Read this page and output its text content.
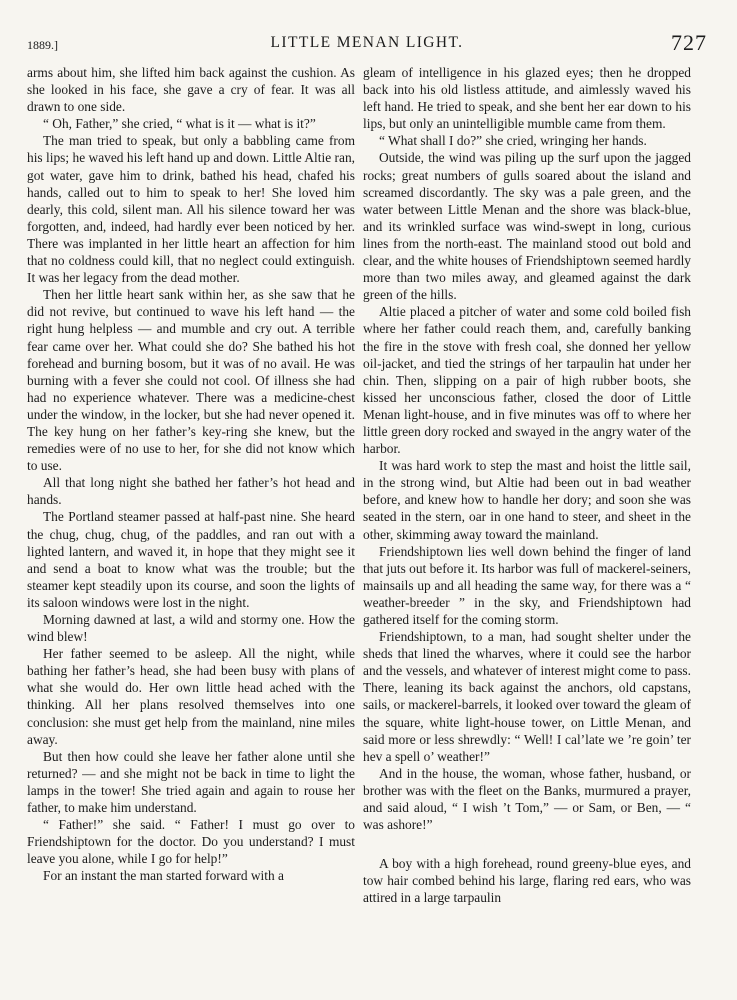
1889.]	LITTLE MENAN LIGHT.	727

arms about him, she lifted him back against the cushion. As she looked in his face, she gave a cry of fear. It was all drawn to one side.

“ Oh, Father,” she cried, “ what is it — what is it?”

The man tried to speak, but only a babbling came from his lips; he waved his left hand up and down. Little Altie ran, got water, gave him to drink, bathed his head, chafed his hands, called out to him to speak to her! She loved him dearly, this cold, silent man. All his silence toward her was forgotten, and, indeed, had hardly ever been noticed by her. There was implanted in her little heart an affection for him that no coldness could kill, that no neglect could extinguish. It was her legacy from the dead mother.

Then her little heart sank within her, as she saw that he did not revive, but continued to wave his left hand — the right hung helpless — and mumble and cry out. A terrible fear came over her. What could she do? She bathed his hot forehead and burning bosom, but it was of no avail. He was burning with a fever she could not cool. Of illness she had had no experience whatever. There was a medicine-chest under the window, in the locker, but she had never opened it. The key hung on her father’s key-ring she knew, but the remedies were of no use to her, for she did not know which to use.

All that long night she bathed her father’s hot head and hands.

The Portland steamer passed at half-past nine. She heard the chug, chug, chug, of the paddles, and ran out with a lighted lantern, and waved it, in hope that they might see it and send a boat to know what was the trouble; but the steamer kept steadily upon its course, and soon the lights of its saloon windows were lost in the night.

Morning dawned at last, a wild and stormy one. How the wind blew!

Her father seemed to be asleep. All the night, while bathing her father’s head, she had been busy with plans of what she would do. Her own little head ached with the thinking. All her plans resolved themselves into one conclusion: she must get help from the mainland, nine miles away.

But then how could she leave her father alone until she returned? — and she might not be back in time to light the lamps in the tower! She tried again and again to rouse her father, to make him understand.

“ Father!” she said. “ Father! I must go over to Friendshiptown for the doctor. Do you understand? I must leave you alone, while I go for help!”

For an instant the man started forward with a

gleam of intelligence in his glazed eyes; then he dropped back into his old listless attitude, and aimlessly waved his left hand. He tried to speak, and she bent her ear down to his lips, but only an unintelligible mumble came from them.

“ What shall I do?” she cried, wringing her hands.

Outside, the wind was piling up the surf upon the jagged rocks; great numbers of gulls soared about the island and screamed discordantly. The sky was a pale green, and the water between Little Menan and the shore was black-blue, and its wrinkled surface was wind-swept in long, curious lines from the north-east. The mainland stood out bold and clear, and the white houses of Friendshiptown seemed hardly more than two miles away, and gleamed against the dark green of the hills.

Altie placed a pitcher of water and some cold boiled fish where her father could reach them, and, carefully banking the fire in the stove with fresh coal, she donned her yellow oil-jacket, and tied the strings of her tarpaulin hat under her chin. Then, slipping on a pair of high rubber boots, she kissed her unconscious father, closed the door of Little Menan light-house, and in five minutes was off to where her little green dory rocked and swayed in the angry water of the harbor.

It was hard work to step the mast and hoist the little sail, in the strong wind, but Altie had been out in bad weather before, and knew how to handle her dory; and soon she was seated in the stern, oar in one hand to steer, and sheet in the other, skimming away toward the mainland.

Friendshiptown lies well down behind the finger of land that juts out before it. Its harbor was full of mackerel-seiners, mainsails up and all heading the same way, for there was a “ weather-breeder ” in the sky, and Friendshiptown had gathered itself for the coming storm.

Friendshiptown, to a man, had sought shelter under the sheds that lined the wharves, where it could see the harbor and the vessels, and whatever of interest might come to pass. There, leaning its back against the anchors, old capstans, sails, or mackerel-barrels, it looked over toward the gleam of the square, white light-house tower, on Little Menan, and said more or less shrewdly: “ Well! I cal’late we ’re goin’ ter hev a spell o’ weather!”

And in the house, the woman, whose father, husband, or brother was with the fleet on the Banks, murmured a prayer, and said aloud, “ I wish ’t Tom,” — or Sam, or Ben, — “ was ashore!”

A boy with a high forehead, round greeny-blue eyes, and tow hair combed behind his large, flaring red ears, who was attired in a large tarpaulin
